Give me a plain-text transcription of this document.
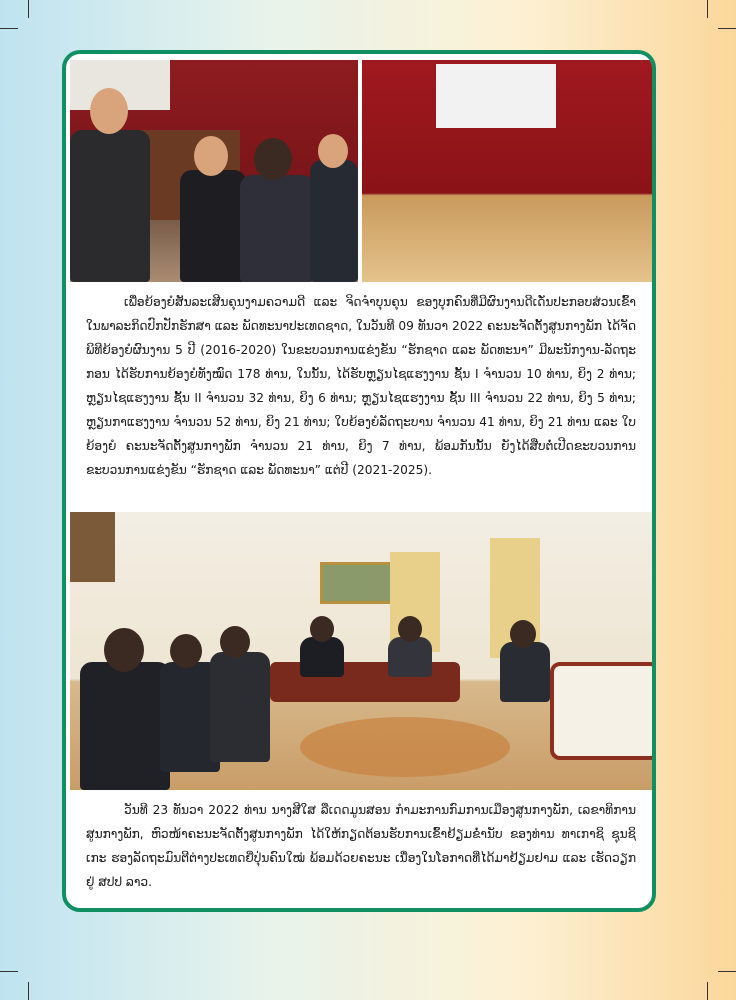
ເພື່ອຍ້ອງຍໍສັນລະເສີນຄຸນງາມຄວາມດີ ແລະ ຈິດຈໍາບຸນຄຸນ ຂອງບຸກຄົນທີ່ມີຜົນງານດີເດັ່ນປະກອບສ່ວນເຂົ້າໃນພາລະກິດປົກປັກຮັກສາ ແລະ ພັດທະນາປະເທດຊາດ, ໃນວັນທີ 09 ທັນວາ 2022 ຄະນະຈັດຕັ້ງສູນກາງພັກ ໄດ້ຈັດພິທີຍ້ອງຍໍຜົນງານ 5 ປີ (2016-2020) ໃນຂະບວນການແຂ່ງຂັນ “ຮັກຊາດ ແລະ ພັດທະນາ” ມີພະນັກງານ-ລັດຖະກອນ ໄດ້ຮັບການຍ້ອງຍໍທັງໝົດ 178 ທ່ານ, ໃນນັ້ນ, ໄດ້ຮັບຫຼຽນໄຊແຮງງານ ຊັ້ນ I ຈໍານວນ 10 ທ່ານ, ຍິງ 2 ທ່ານ; ຫຼຽນໄຊແຮງງານ ຊັ້ນ II ຈໍານວນ 32 ທ່ານ, ຍິງ 6 ທ່ານ; ຫຼຽນໄຊແຮງງານ ຊັ້ນ III ຈໍານວນ 22 ທ່ານ, ຍິງ 5 ທ່ານ; ຫຼຽນກາແຮງງານ ຈໍານວນ 52 ທ່ານ, ຍິງ 21 ທ່ານ; ໃບຍ້ອງຍໍລັດຖະບານ ຈໍານວນ 41 ທ່ານ, ຍິງ 21 ທ່ານ ແລະ ໃບຍ້ອງຍໍ ຄະນະຈັດຕັ້ງສູນກາງພັກ ຈໍານວນ 21 ທ່ານ, ຍິງ 7 ທ່ານ, ພ້ອມກັນນັ້ນ ຍັງໄດ້ສືບຕໍ່ເປີດຂະບວນການຂະບວນການແຂ່ງຂັນ “ຮັກຊາດ ແລະ ພັດທະນາ” ແຕ່ປີ (2021-2025).

ວັນທີ 23 ທັນວາ 2022 ທ່ານ ນາງສີໃສ ລືເດດມູນສອນ ກໍາມະການກົມການເມືອງສູນກາງພັກ, ເລຂາທິການສູນກາງພັກ, ຫົວໜ້າຄະນະຈັດຕັ້ງສູນກາງພັກ ໄດ້ໃຫ້ກຽດຕ້ອນຮັບການເຂົ້າຢ້ຽມຂໍ່ານັບ ຂອງທ່ານ ທາເກາຊິ ຊຸນຊິເກະ ຮອງລັດຖະມົນຕີຕ່າງປະເທດຍີ່ປຸ່ນຄົນໃໝ່ ພ້ອມດ້ວຍຄະນະ ເນື່ອງໃນໂອກາດທີ່ໄດ້ມາຢ້ຽມຢາມ ແລະ ເຮັດວຽກຢູ່ ສປປ ລາວ.
